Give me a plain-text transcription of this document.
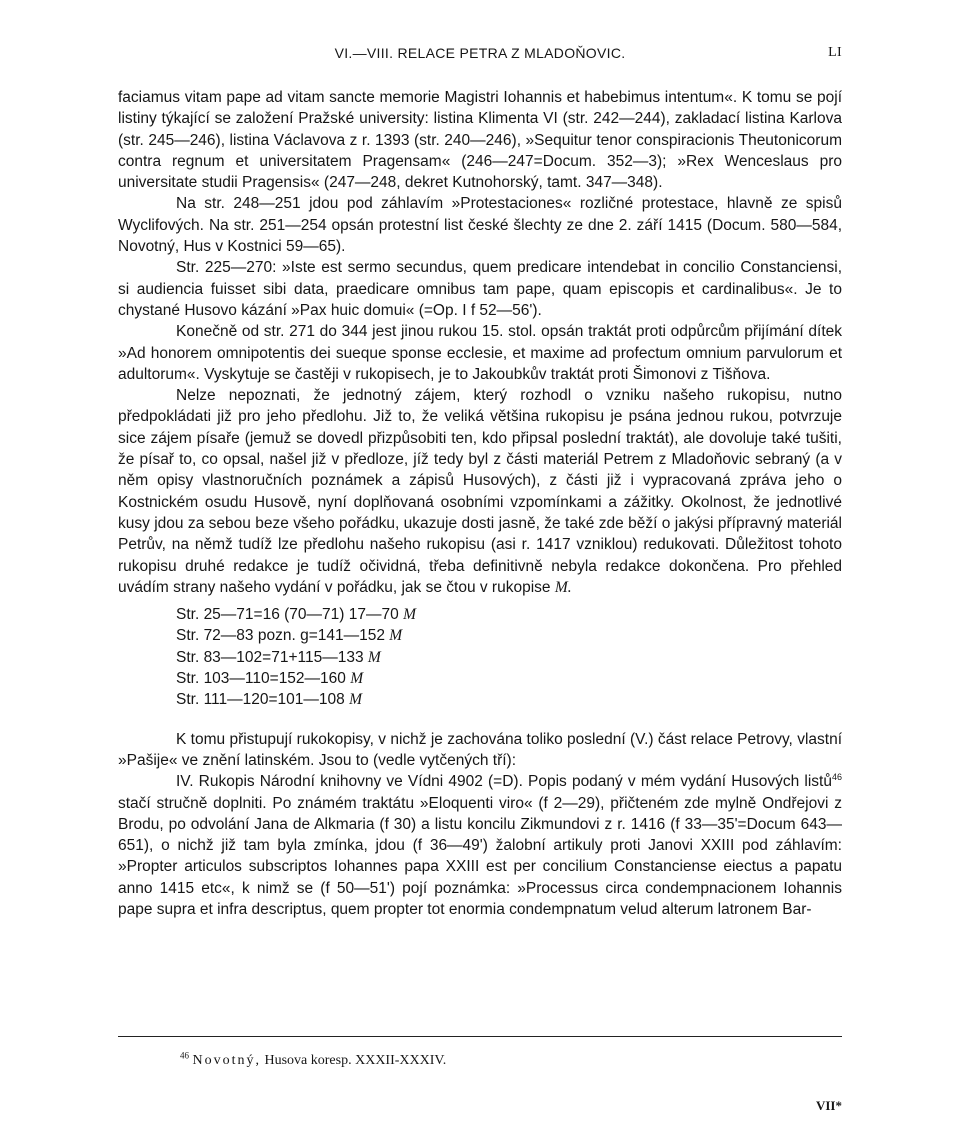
VI.—VIII. RELACE PETRA Z MLADOŇOVIC.	LI

faciamus vitam pape ad vitam sancte memorie Magistri Iohannis et habebimus intentum«. K tomu se pojí listiny týkající se založení Pražské university: listina Klimenta VI (str. 242—244), zakladací listina Karlova (str. 245—246), listina Václavova z r. 1393 (str. 240—246), »Sequitur tenor conspiracionis Theutonicorum contra regnum et universitatem Pragensam« (246—247=Docum. 352—3); »Rex Wenceslaus pro universitate studii Pragensis« (247—248, dekret Kutnohorský, tamt. 347—348).

Na str. 248—251 jdou pod záhlavím »Protestaciones« rozličné protestace, hlavně ze spisů Wyclifových. Na str. 251—254 opsán protestní list české šlechty ze dne 2. září 1415 (Docum. 580—584, Novotný, Hus v Kostnici 59—65).

Str. 225—270: »Iste est sermo secundus, quem predicare intendebat in concilio Constanciensi, si audiencia fuisset sibi data, praedicare omnibus tam pape, quam episcopis et cardinalibus«. Je to chystané Husovo kázání »Pax huic domui« (=Op. I f 52—56').

Konečně od str. 271 do 344 jest jinou rukou 15. stol. opsán traktát proti odpůrcům přijímání dítek »Ad honorem omnipotentis dei sueque sponse ecclesie, et maxime ad profectum omnium parvulorum et adultorum«. Vyskytuje se častěji v rukopisech, je to Jakoubkův traktát proti Šimonovi z Tišňova.

Nelze nepoznati, že jednotný zájem, který rozhodl o vzniku našeho rukopisu, nutno předpokládati již pro jeho předlohu. Již to, že veliká většina rukopisu je psána jednou rukou, potvrzuje sice zájem písaře (jemuž se dovedl přizpůsobiti ten, kdo připsal poslední traktát), ale dovoluje také tušiti, že písař to, co opsal, našel již v předloze, jíž tedy byl z části materiál Petrem z Mladoňovic sebraný (a v něm opisy vlastnoručních poznámek a zápisů Husových), z části již i vypracovaná zpráva jeho o Kostnickém osudu Husově, nyní doplňovaná osobními vzpomínkami a zážitky. Okolnost, že jednotlivé kusy jdou za sebou beze všeho pořádku, ukazuje dosti jasně, že také zde běží o jakýsi přípravný materiál Petrův, na němž tudíž lze předlohu našeho rukopisu (asi r. 1417 vzniklou) redukovati. Důležitost tohoto rukopisu druhé redakce je tudíž očividná, třeba definitivně nebyla redakce dokončena. Pro přehled uvádím strany našeho vydání v pořádku, jak se čtou v rukopise M.

Str. 25—71=16 (70—71) 17—70 M
Str. 72—83 pozn. g=141—152 M
Str. 83—102=71+115—133 M
Str. 103—110=152—160 M
Str. 111—120=101—108 M

K tomu přistupují rukokopisy, v nichž je zachována toliko poslední (V.) část relace Petrovy, vlastní »Pašije« ve znění latinském. Jsou to (vedle vytčených tří):

IV. Rukopis Národní knihovny ve Vídni 4902 (=D). Popis podaný v mém vydání Husových listů$^{46}$ stačí stručně doplniti. Po známém traktátu »Eloquenti viro« (f 2—29), přičteném zde mylně Ondřejovi z Brodu, po odvolání Jana de Alkmaria (f 30) a listu koncilu Zikmundovi z r. 1416 (f 33—35'=Docum 643—651), o nichž již tam byla zmínka, jdou (f 36—49') žalobní artikuly proti Janovi XXIII pod záhlavím: »Propter articulos subscriptos Iohannes papa XXIII est per concilium Constanciense eiectus a papatu anno 1415 etc«, k nimž se (f 50—51') pojí poznámka: »Processus circa condempnacionem Iohannis pape supra et infra descriptus, quem propter tot enormia condempnatum velud alterum latronem Bar-

$^{46}$ Novotný, Husova koresp. XXXII-XXXIV.
VII*
